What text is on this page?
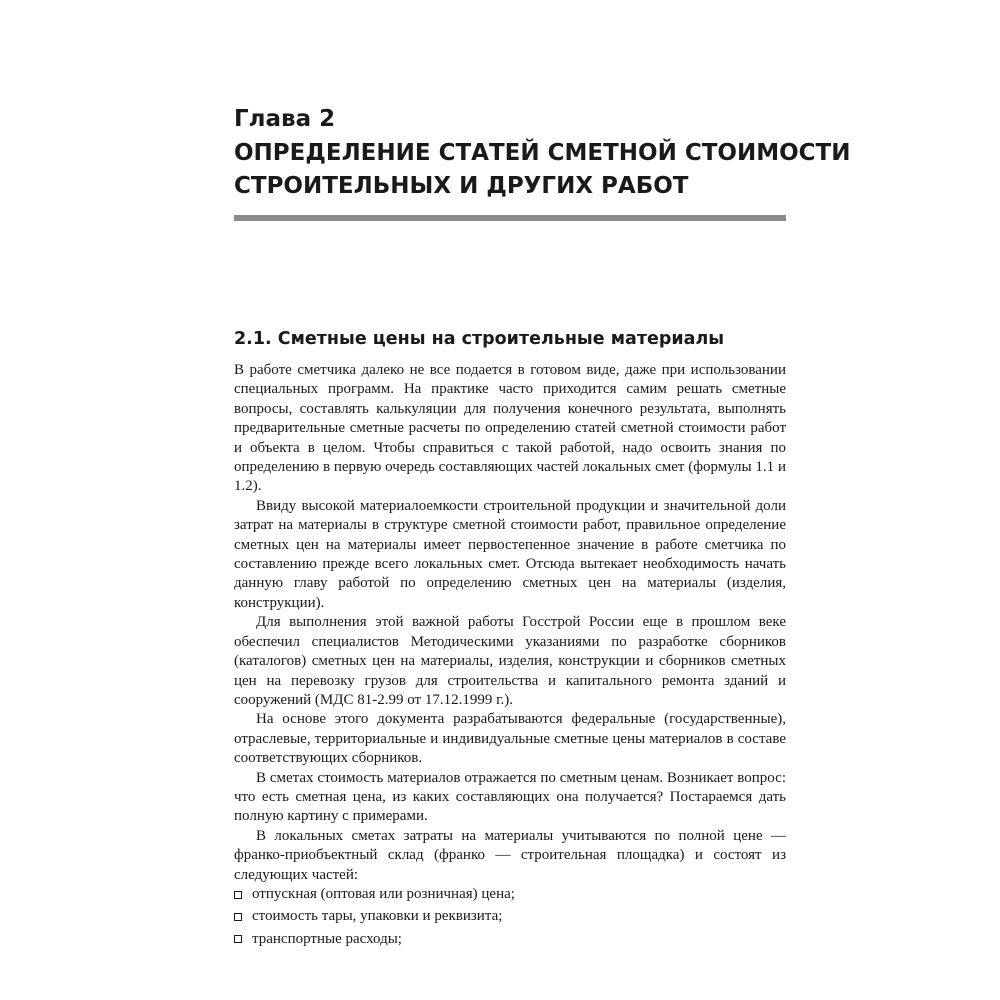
Глава 2
ОПРЕДЕЛЕНИЕ СТАТЕЙ СМЕТНОЙ СТОИМОСТИ
СТРОИТЕЛЬНЫХ И ДРУГИХ РАБОТ
2.1. Сметные цены на строительные материалы

В работе сметчика далеко не все подается в готовом виде, даже при использовании специальных программ. На практике часто приходится самим решать сметные вопросы, составлять калькуляции для получения конечного результата, выполнять предварительные сметные расчеты по определению статей сметной стоимости работ и объекта в целом. Чтобы справиться с такой работой, надо освоить знания по определению в первую очередь составляющих частей локальных смет (формулы 1.1 и 1.2).

Ввиду высокой материалоемкости строительной продукции и значительной доли затрат на материалы в структуре сметной стоимости работ, правильное определение сметных цен на материалы имеет первостепенное значение в работе сметчика по составлению прежде всего локальных смет. Отсюда вытекает необходимость начать данную главу работой по определению сметных цен на материалы (изделия, конструкции).

Для выполнения этой важной работы Госстрой России еще в прошлом веке обеспечил специалистов Методическими указаниями по разработке сборников (каталогов) сметных цен на материалы, изделия, конструкции и сборников сметных цен на перевозку грузов для строительства и капитального ремонта зданий и сооружений (МДС 81-2.99 от 17.12.1999 г.).

На основе этого документа разрабатываются федеральные (государственные), отраслевые, территориальные и индивидуальные сметные цены материалов в составе соответствующих сборников.

В сметах стоимость материалов отражается по сметным ценам. Возникает вопрос: что есть сметная цена, из каких составляющих она получается? Постараемся дать полную картину с примерами.

В локальных сметах затраты на материалы учитываются по полной цене — франко-приобъектный склад (франко — строительная площадка) и состоят из следующих частей:

отпускная (оптовая или розничная) цена;
стоимость тары, упаковки и реквизита;
транспортные расходы;
